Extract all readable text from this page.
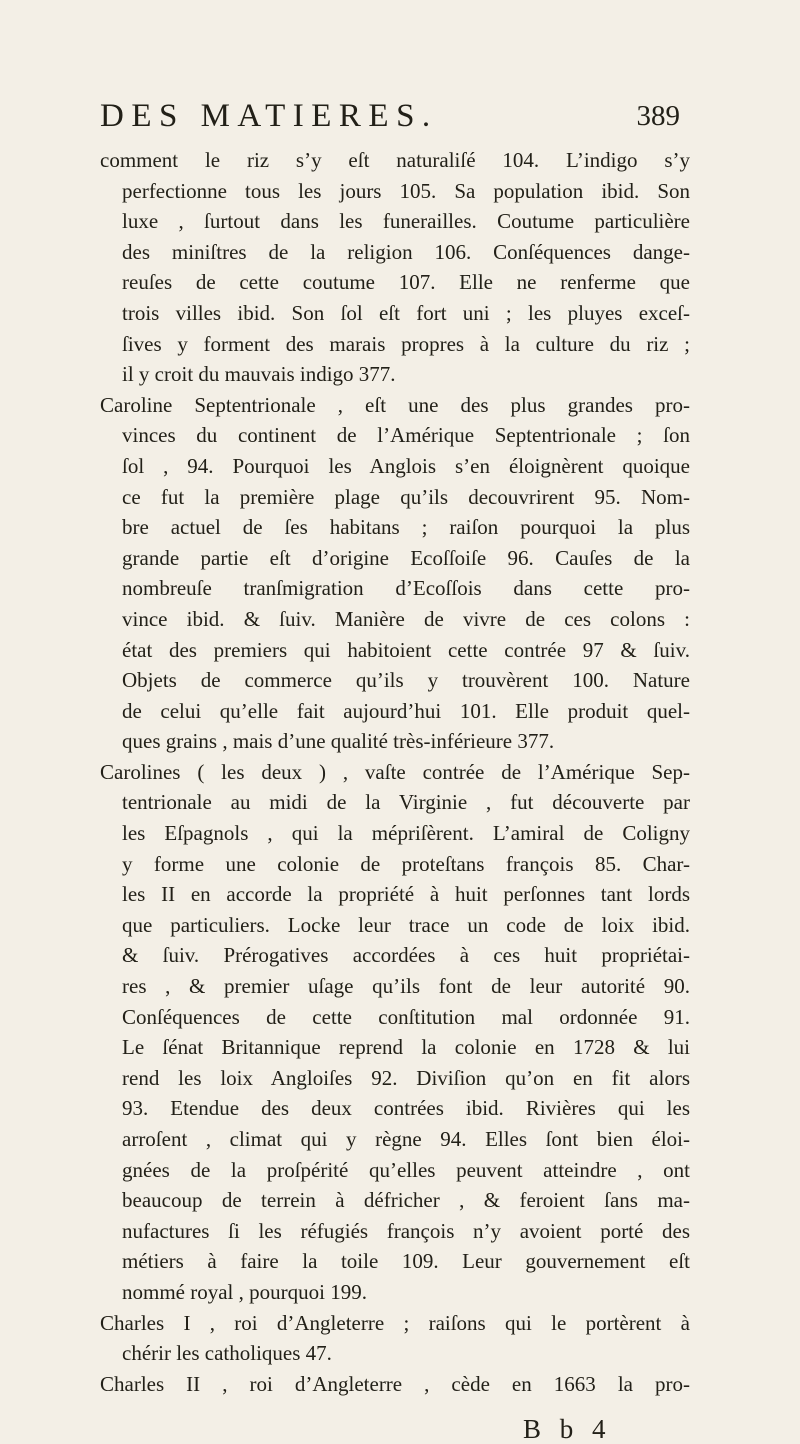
DES MATIERES.	389
comment le riz s’y eſt naturaliſé 104. L’indigo s’y
perfectionne tous les jours 105. Sa population ibid. Son
luxe , ſurtout dans les funerailles. Coutume particulière
des miniſtres de la religion 106. Conſéquences dange-
reuſes de cette coutume 107. Elle ne renferme que
trois villes ibid. Son ſol eſt fort uni ; les pluyes exceſ-
ſives y forment des marais propres à la culture du riz ;
il y croit du mauvais indigo 377.
Caroline Septentrionale , eſt une des plus grandes pro-
vinces du continent de l’Amérique Septentrionale ; ſon
ſol , 94. Pourquoi les Anglois s’en éloignèrent quoique
ce fut la première plage qu’ils decouvrirent 95. Nom-
bre actuel de ſes habitans ; raiſon pourquoi la plus
grande partie eſt d’origine Ecoſſoiſe 96. Cauſes de la
nombreuſe tranſmigration d’Ecoſſois dans cette pro-
vince ibid. & ſuiv. Manière de vivre de ces colons :
état des premiers qui habitoient cette contrée 97 & ſuiv.
Objets de commerce qu’ils y trouvèrent 100. Nature
de celui qu’elle fait aujourd’hui 101. Elle produit quel-
ques grains , mais d’une qualité très-inférieure 377.
Carolines ( les deux ) , vaſte contrée de l’Amérique Sep-
tentrionale au midi de la Virginie , fut découverte par
les Eſpagnols , qui la mépriſèrent. L’amiral de Coligny
y forme une colonie de proteſtans françois 85. Char-
les II en accorde la propriété à huit perſonnes tant lords
que particuliers. Locke leur trace un code de loix ibid.
& ſuiv. Prérogatives accordées à ces huit propriétai-
res , & premier uſage qu’ils font de leur autorité 90.
Conſéquences de cette conſtitution mal ordonnée 91.
Le ſénat Britannique reprend la colonie en 1728 & lui
rend les loix Angloiſes 92. Diviſion qu’on en fit alors
93. Etendue des deux contrées ibid. Rivières qui les
arroſent , climat qui y règne 94. Elles ſont bien éloi-
gnées de la proſpérité qu’elles peuvent atteindre , ont
beaucoup de terrein à défricher , & feroient ſans ma-
nufactures ſi les réfugiés françois n’y avoient porté des
métiers à faire la toile 109. Leur gouvernement eſt
nommé royal , pourquoi 199.
Charles I , roi d’Angleterre ; raiſons qui le portèrent à
chérir les catholiques 47.
Charles II , roi d’Angleterre , cède en 1663 la pro-
B b 4
